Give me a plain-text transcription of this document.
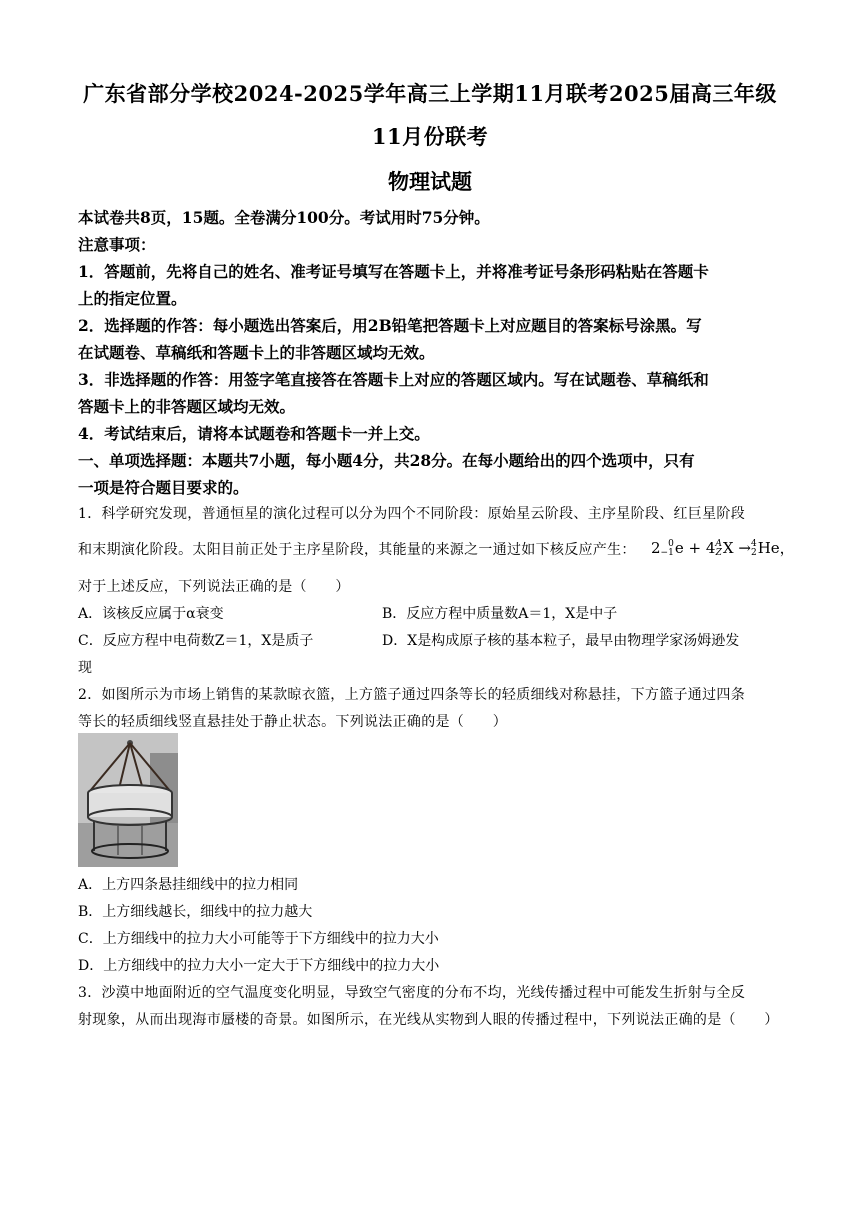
广东省部分学校2024-2025学年高三上学期11月联考2025届高三年级
11月份联考
物理试题
本试卷共8页，15题。全卷满分100分。考试用时75分钟。
注意事项：
1．答题前，先将自己的姓名、准考证号填写在答题卡上，并将准考证号条形码粘贴在答题卡
上的指定位置。
2．选择题的作答：每小题选出答案后，用2B铅笔把答题卡上对应题目的答案标号涂黑。写
在试题卷、草稿纸和答题卡上的非答题区域均无效。
3．非选择题的作答：用签字笔直接答在答题卡上对应的答题区域内。写在试题卷、草稿纸和
答题卡上的非答题区域均无效。
4．考试结束后，请将本试题卷和答题卡一并上交。
一、单项选择题：本题共7小题，每小题4分，共28分。在每小题给出的四个选项中，只有
一项是符合题目要求的。
1．科学研究发现，普通恒星的演化过程可以分为四个不同阶段：原始星云阶段、主序星阶段、红巨星阶段
和末期演化阶段。太阳目前正处于主序星阶段，其能量的来源之一通过如下核反应产生： 2 0
−1 e + 4 A
Z X → 4
2 He，
对于上述反应，下列说法正确的是（　　）
A．该核反应属于α衰变	B．反应方程中质量数A＝1，X是中子
C．反应方程中电荷数Z＝1，X是质子	D．X是构成原子核的基本粒子，最早由物理学家汤姆逊发
现
2．如图所示为市场上销售的某款晾衣篮，上方篮子通过四条等长的轻质细线对称悬挂，下方篮子通过四条
等长的轻质细线竖直悬挂处于静止状态。下列说法正确的是（　　）
A．上方四条悬挂细线中的拉力相同
B．上方细线越长，细线中的拉力越大
C．上方细线中的拉力大小可能等于下方细线中的拉力大小
D．上方细线中的拉力大小一定大于下方细线中的拉力大小
3．沙漠中地面附近的空气温度变化明显，导致空气密度的分布不均，光线传播过程中可能发生折射与全反
射现象，从而出现海市蜃楼的奇景。如图所示，在光线从实物到人眼的传播过程中，下列说法正确的是（　　）
